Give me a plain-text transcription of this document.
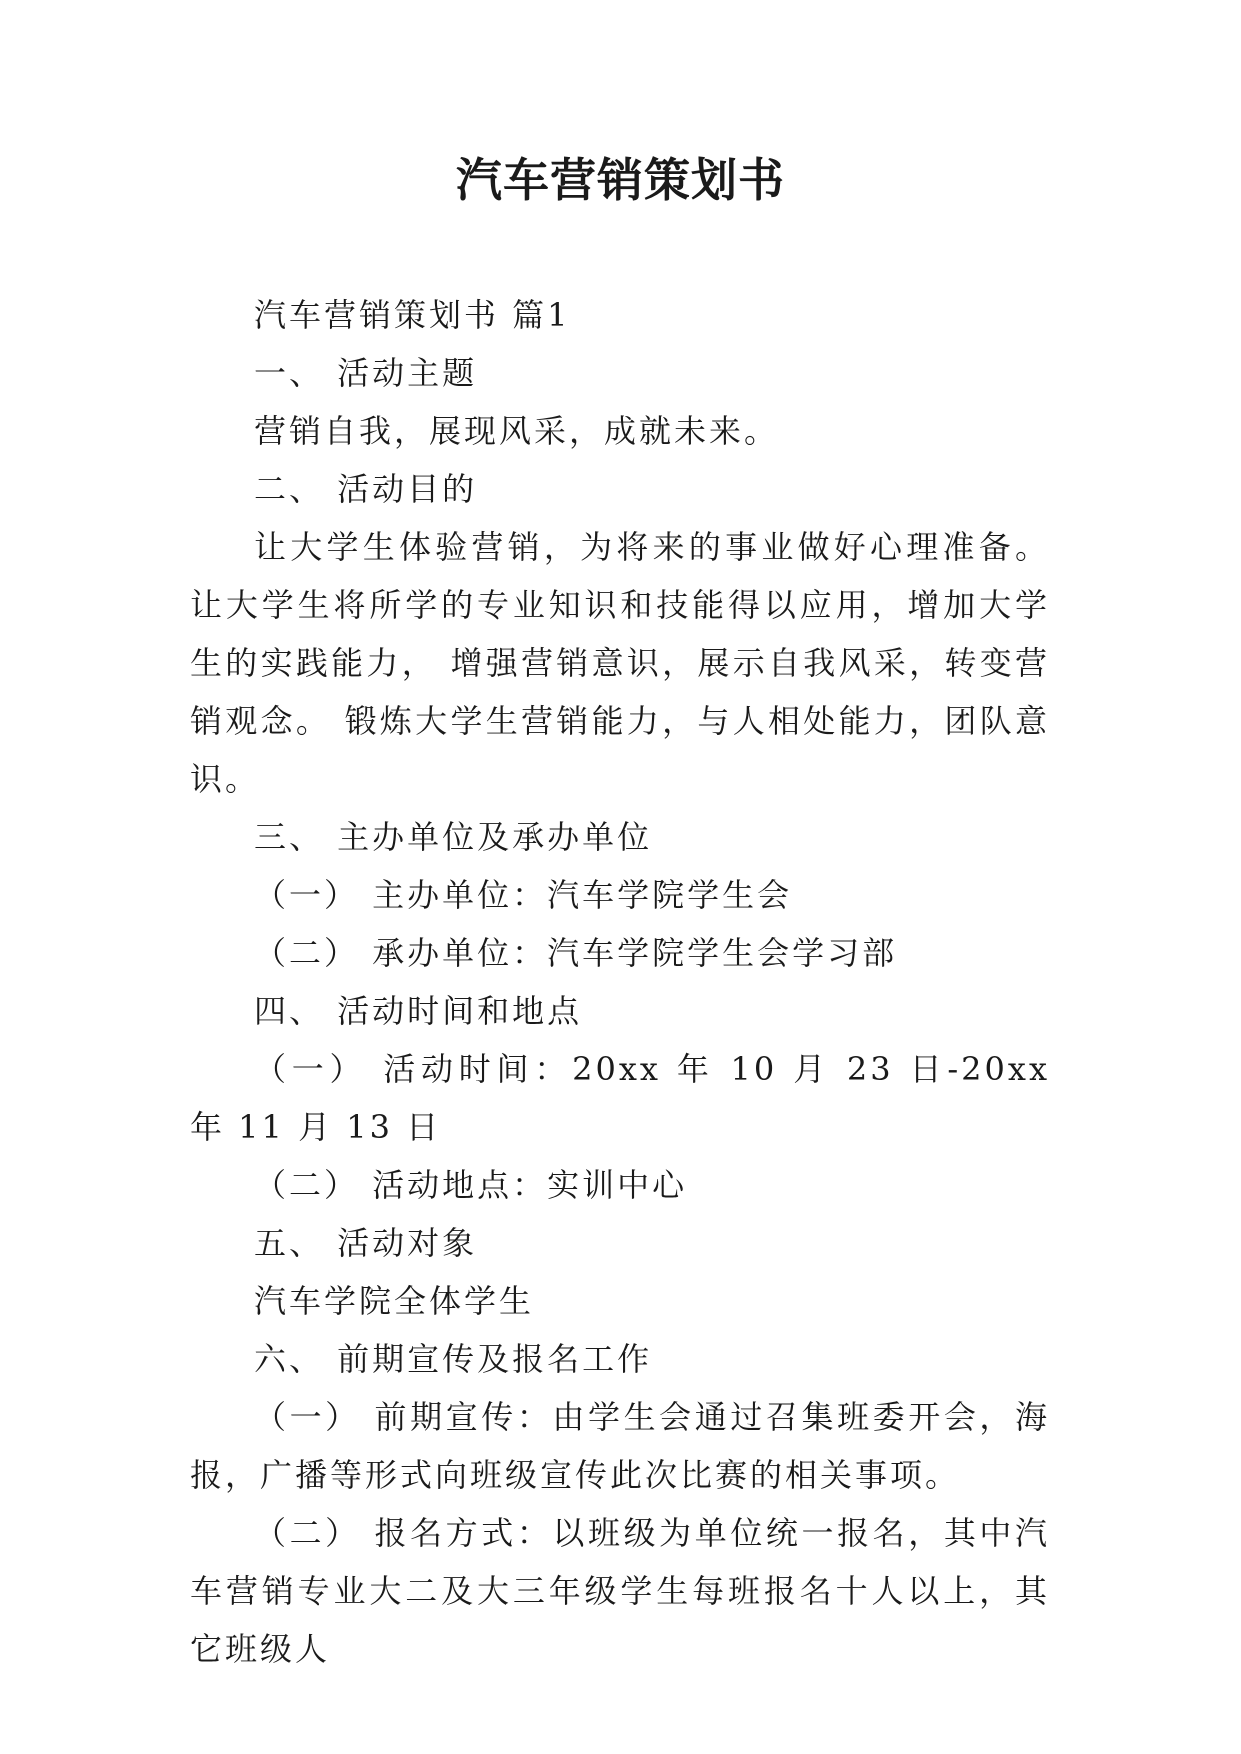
汽车营销策划书

汽车营销策划书 篇1

一、 活动主题

营销自我，展现风采，成就未来。

二、 活动目的

让大学生体验营销，为将来的事业做好心理准备。让大学生将所学的专业知识和技能得以应用，增加大学生的实践能力， 增强营销意识，展示自我风采，转变营销观念。 锻炼大学生营销能力，与人相处能力，团队意识。

三、 主办单位及承办单位

（一） 主办单位：汽车学院学生会

（二） 承办单位：汽车学院学生会学习部

四、 活动时间和地点

（一） 活动时间：20xx 年 10 月 23 日-20xx 年 11 月 13 日

（二） 活动地点：实训中心

五、 活动对象

汽车学院全体学生

六、 前期宣传及报名工作

（一） 前期宣传：由学生会通过召集班委开会，海报，广播等形式向班级宣传此次比赛的相关事项。

（二） 报名方式：以班级为单位统一报名，其中汽车营销专业大二及大三年级学生每班报名十人以上，其它班级人
